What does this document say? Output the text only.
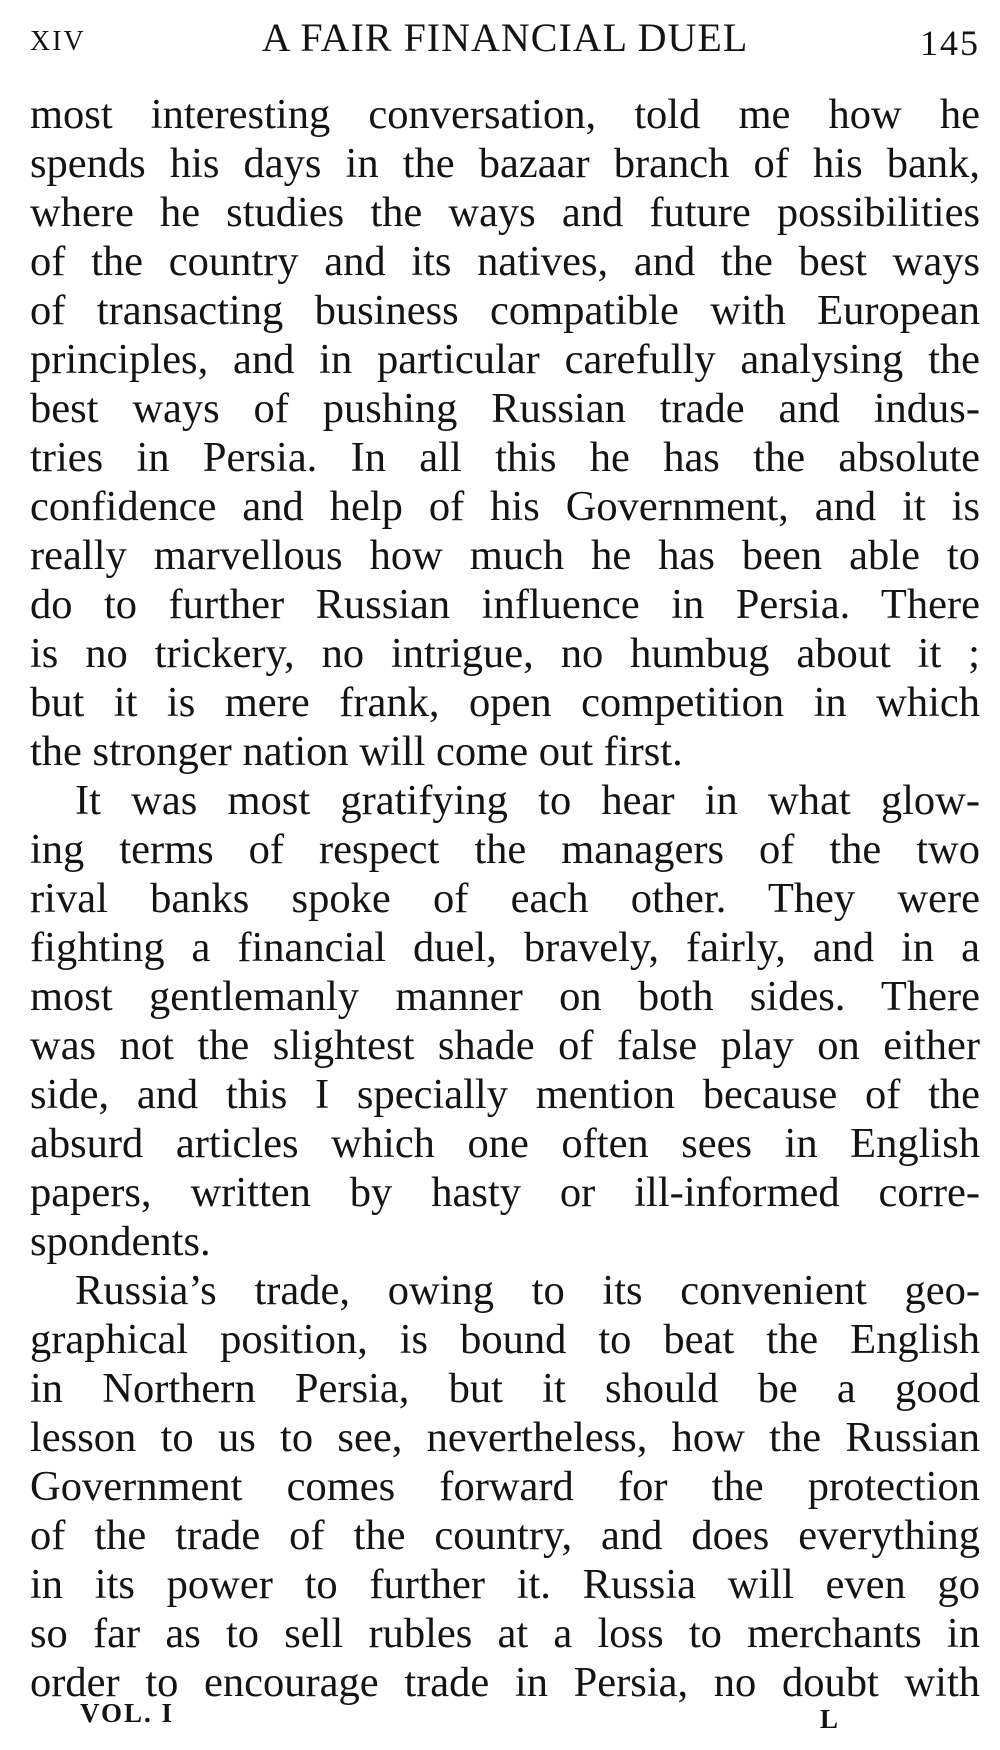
XIV	A FAIR FINANCIAL DUEL	145
most interesting conversation, told me how he
spends his days in the bazaar branch of his bank,
where he studies the ways and future possibilities
of the country and its natives, and the best ways
of transacting business compatible with European
principles, and in particular carefully analysing the
best ways of pushing Russian trade and indus-
tries in Persia. In all this he has the absolute
confidence and help of his Government, and it is
really marvellous how much he has been able to
do to further Russian influence in Persia. There
is no trickery, no intrigue, no humbug about it ;
but it is mere frank, open competition in which
the stronger nation will come out first.
It was most gratifying to hear in what glow-
ing terms of respect the managers of the two
rival banks spoke of each other. They were
fighting a financial duel, bravely, fairly, and in a
most gentlemanly manner on both sides. There
was not the slightest shade of false play on either
side, and this I specially mention because of the
absurd articles which one often sees in English
papers, written by hasty or ill-informed corre-
spondents.
Russia’s trade, owing to its convenient geo-
graphical position, is bound to beat the English
in Northern Persia, but it should be a good
lesson to us to see, nevertheless, how the Russian
Government comes forward for the protection
of the trade of the country, and does everything
in its power to further it. Russia will even go
so far as to sell rubles at a loss to merchants in
order to encourage trade in Persia, no doubt with
VOL. I	L
